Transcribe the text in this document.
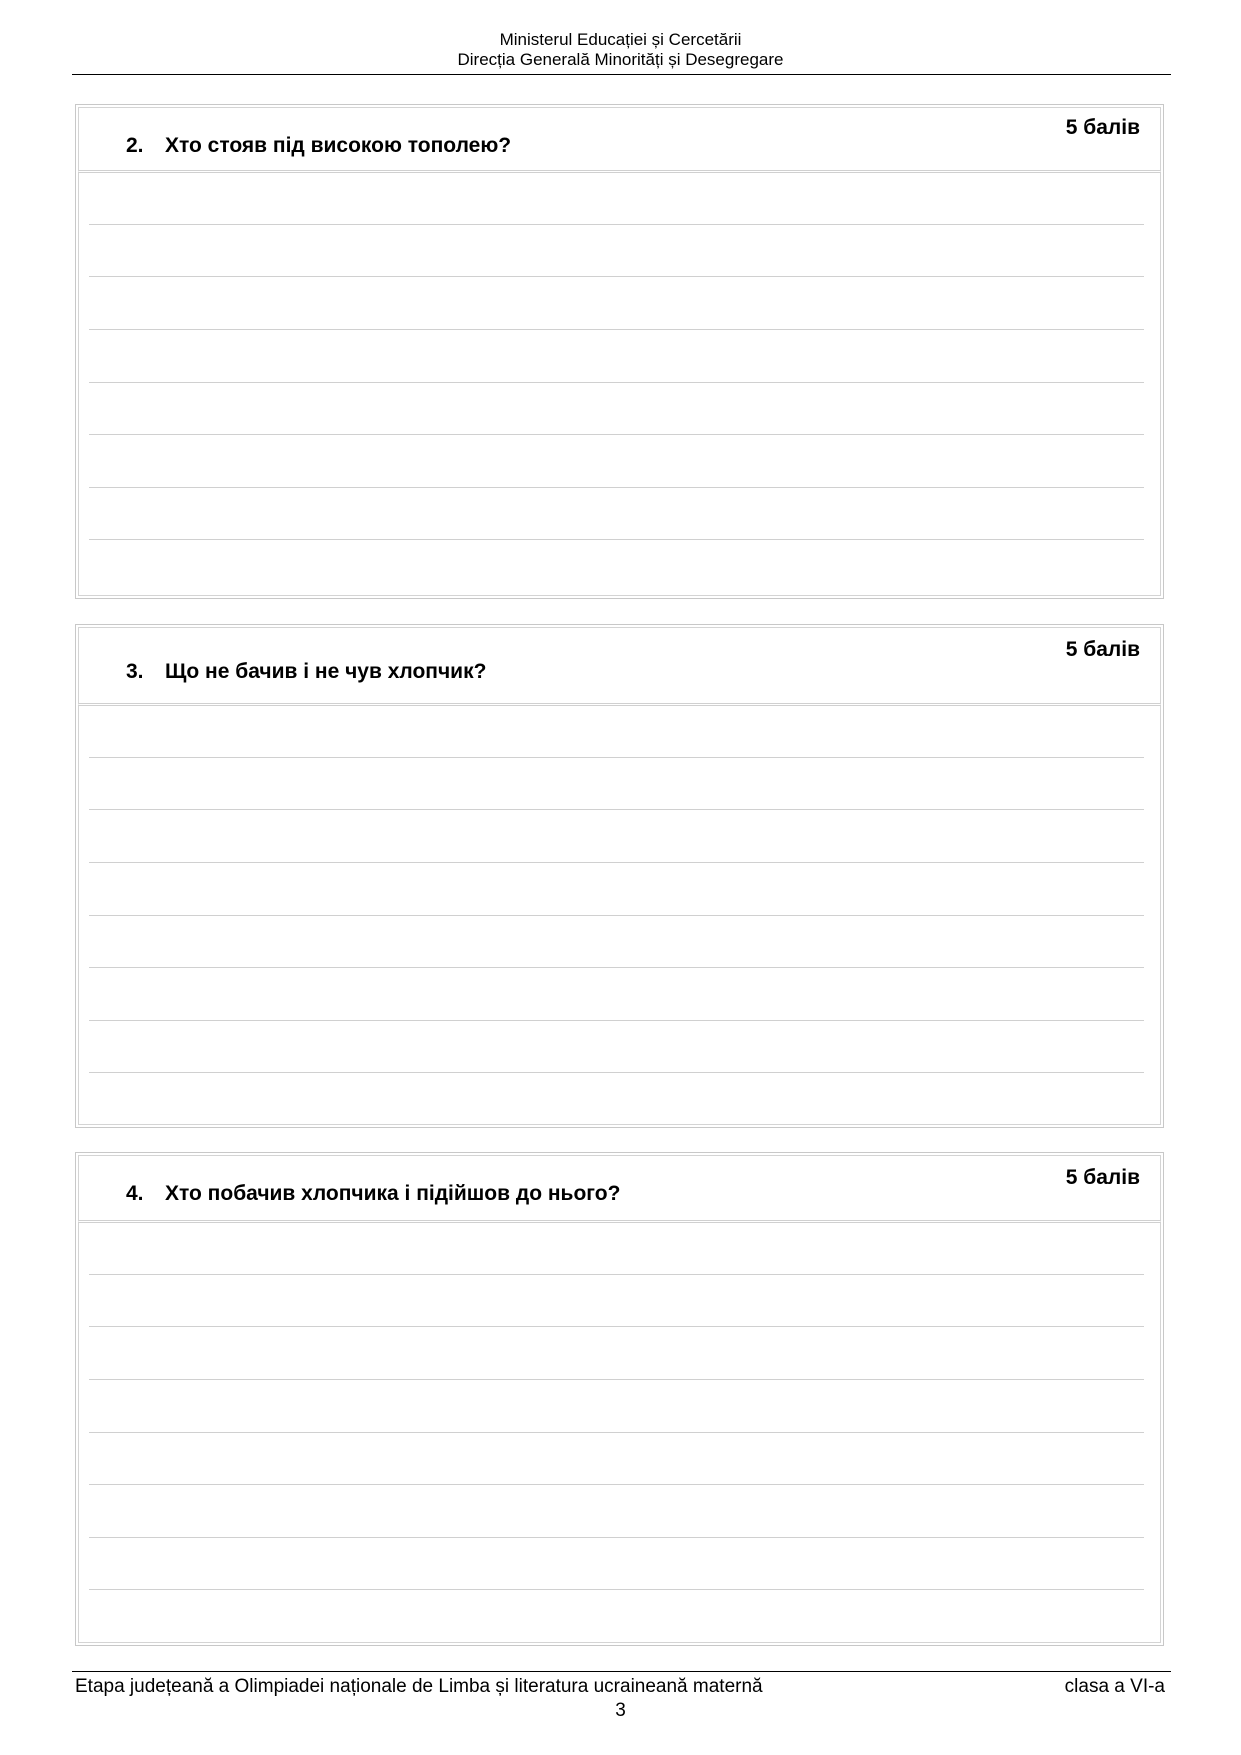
Ministerul Educației și Cercetării
Direcția Generală Minorități și Desegregare
2. Хто стояв під високою тополею?
5 балів
3. Що не бачив і не чув хлопчик?
5 балів
4. Хто побачив хлопчика і підійшов до нього?
5 балів
Etapa județeană a Olimpiadei naționale de Limba și literatura ucraineană maternă	clasa a VI-a
3
